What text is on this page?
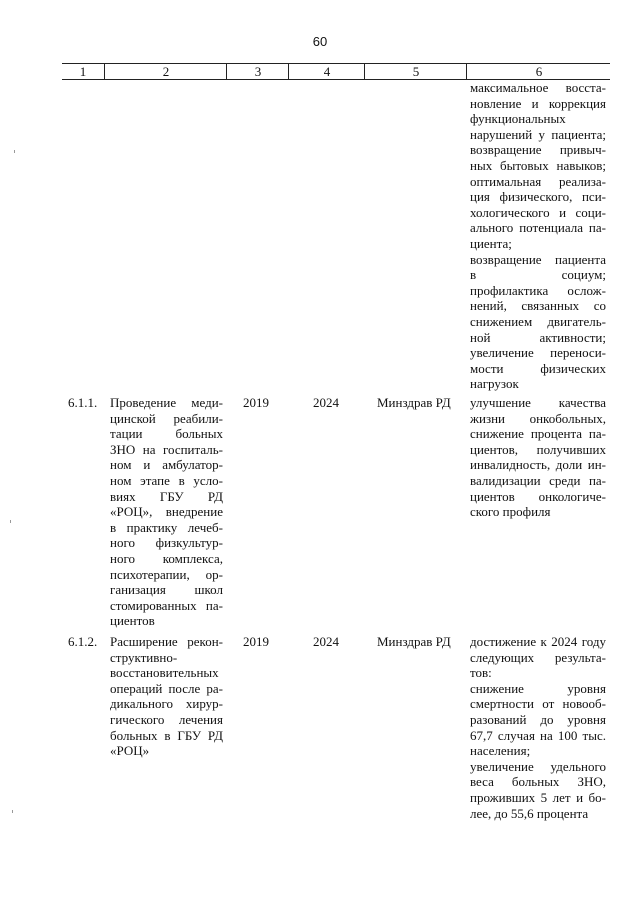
60
1	2	3	4	5	6
максимальное восста-
новление и коррекция
функциональных
нарушений у пациента;
возвращение привыч-
ных бытовых навыков;
оптимальная реализа-
ция физического, пси-
хологического и соци-
ального потенциала па-
циента;
возвращение пациента
в социум;
профилактика ослож-
нений, связанных со
снижением двигатель-
ной активности;
увеличение переноси-
мости физических
нагрузок
6.1.1. Проведение меди-
цинской реабили-
тации больных
ЗНО на госпиталь-
ном и амбулатор-
ном этапе в усло-
виях ГБУ РД
«РОЦ», внедрение
в практику лечеб-
ного физкультур-
ного комплекса,
психотерапии, ор-
ганизация школ
стомированных па-
циентов
2019	2024	Минздрав РД	улучшение качества
жизни онкобольных,
снижение процента па-
циентов, получивших
инвалидность, доли ин-
валидизации среди па-
циентов онкологиче-
ского профиля
6.1.2. Расширение рекон-
структивно-
восстановительных
операций после ра-
дикального хирур-
гического лечения
больных в ГБУ РД
«РОЦ»
2019	2024	Минздрав РД	достижение к 2024 году
следующих результа-
тов:
снижение уровня
смертности от новооб-
разований до уровня
67,7 случая на 100 тыс.
населения;
увеличение удельного
веса больных ЗНО,
проживших 5 лет и бо-
лее, до 55,6 процента
